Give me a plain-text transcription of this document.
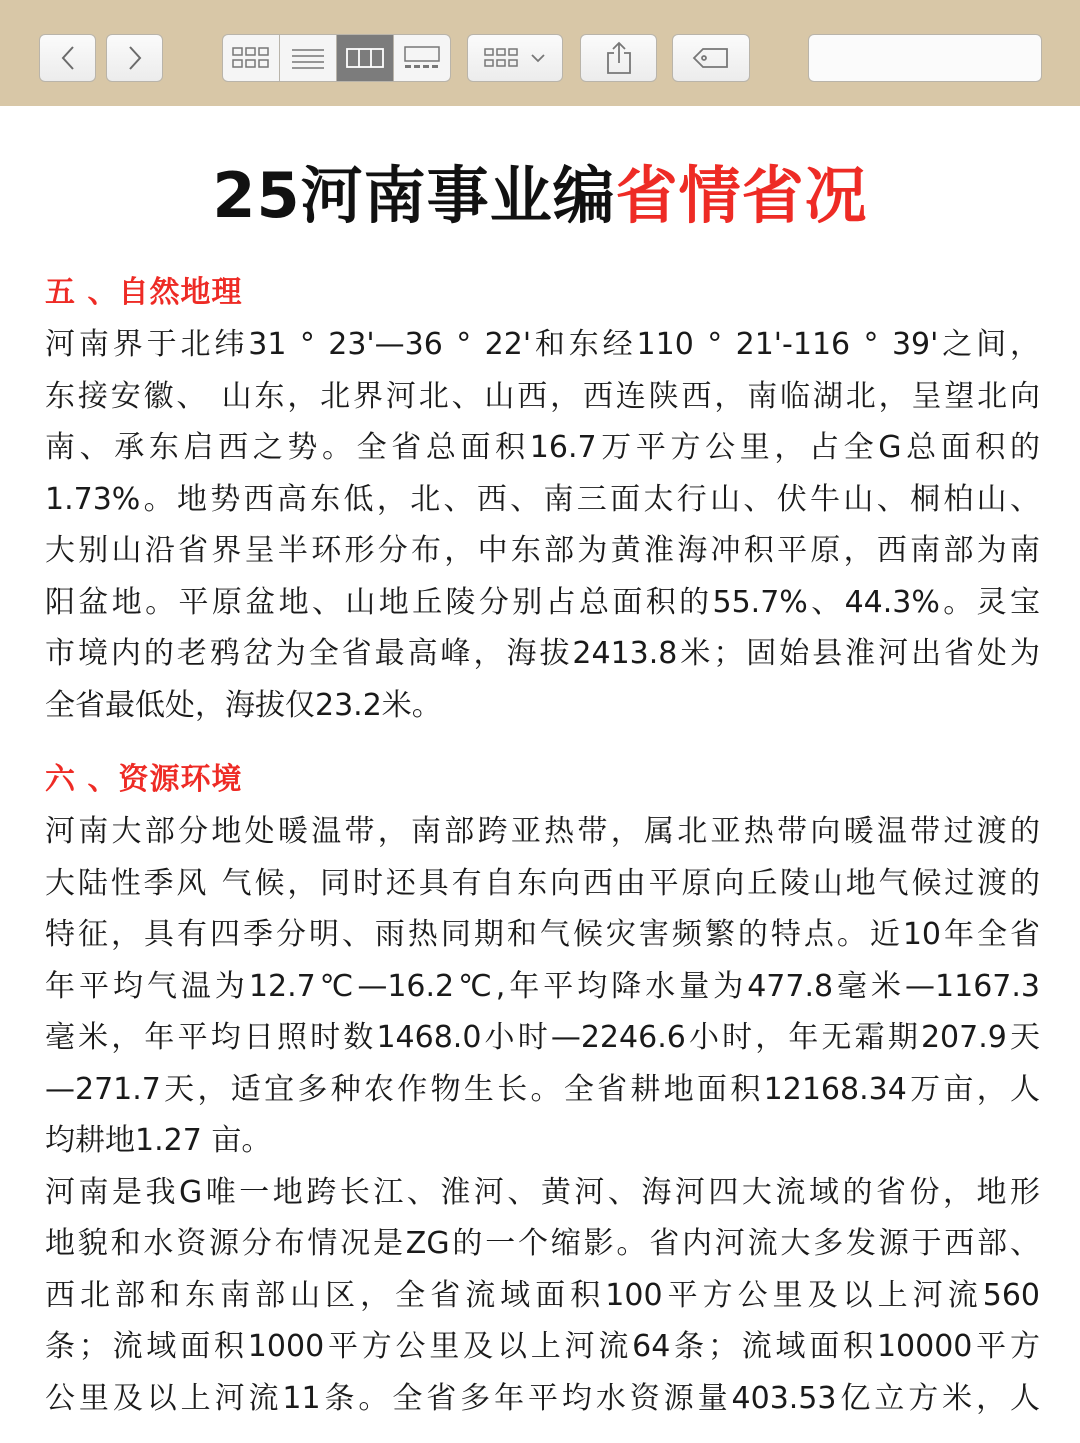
25河南事业编省情省况
五 、自然地理
河南界于北纬31 ° 23'—36 ° 22'和东经110 ° 21'-116 ° 39'之间，
东接安徽、 山东，北界河北、山西，西连陕西，南临湖北，呈望北向
南、承东启西之势。全省总面积16.7万平方公里，占全G总面积的
1.73%。地势西高东低，北、西、南三面太行山、伏牛山、桐柏山、
大别山沿省界呈半环形分布，中东部为黄淮海冲积平原，西南部为南
阳盆地。平原盆地、山地丘陵分别占总面积的55.7%、44.3%。灵宝
市境内的老鸦岔为全省最高峰，海拔2413.8米；固始县淮河出省处为
全省最低处，海拔仅23.2米。
六 、资源环境
河南大部分地处暖温带，南部跨亚热带，属北亚热带向暖温带过渡的
大陆性季风 气候，同时还具有自东向西由平原向丘陵山地气候过渡的
特征，具有四季分明、雨热同期和气候灾害频繁的特点。近10年全省
年平均气温为12.7℃—16.2℃,年平均降水量为477.8毫米—1167.3
毫米，年平均日照时数1468.0小时—2246.6小时，年无霜期207.9天
—271.7天，适宜多种农作物生长。全省耕地面积12168.34万亩，人
均耕地1.27 亩。
河南是我G唯一地跨长江、淮河、黄河、海河四大流域的省份，地形
地貌和水资源分布情况是ZG的一个缩影。省内河流大多发源于西部、
西北部和东南部山区，全省流域面积100平方公里及以上河流560
条；流域面积1000平方公里及以上河流64条；流域面积10000平方
公里及以上河流11条。全省多年平均水资源量403.53亿立方米，人
